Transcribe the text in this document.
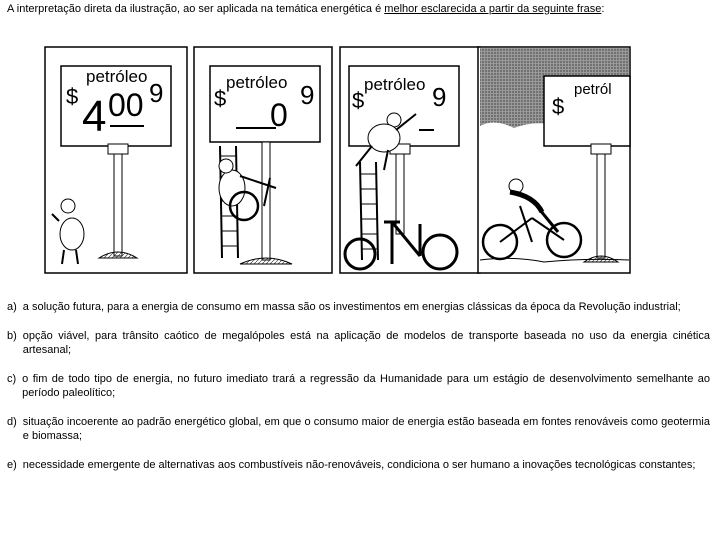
A interpretação direta da ilustração, ao ser aplicada na temática energética é melhor esclarecida a partir da seguinte frase:
petróleo
$ 4 00 9	petróleo
$ 0
9	petróleo
$	9	petról
$
a) a solução futura, para a energia de consumo em massa são os investimentos em energias clássicas da época da Revolução industrial;
b) opção viável, para trânsito caótico de megalópoles está na aplicação de modelos de transporte baseada no uso da energia cinética artesanal;
c) o fim de todo tipo de energia, no futuro imediato trará a regressão da Humanidade para um estágio de desenvolvimento semelhante ao período paleolítico;
d) situação incoerente ao padrão energético global, em que o consumo maior de energia estão baseada em fontes renováveis como geotermia e biomassa;
e) necessidade emergente de alternativas aos combustíveis não-renováveis, condiciona o ser humano a inovações tecnológicas constantes;
